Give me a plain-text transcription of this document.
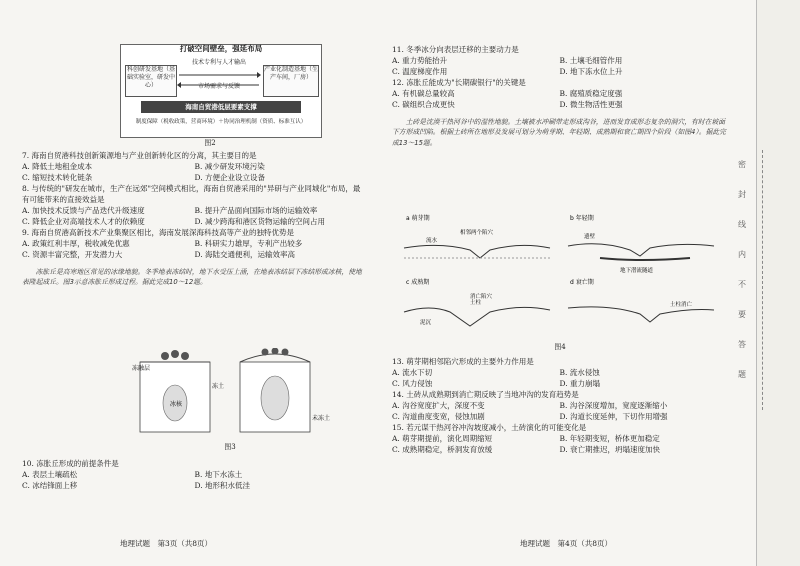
打破空间壁垒，强延布局
科创研发基地（基础实验室，研发中心）
技术专利与人才输出
市场需求与反馈
产业化制造基地（生产车间，厂房）
海南自贸港低层要素支撑
制度保障（税收政策，营商环境）＋协同治理机制（资质、标准互认）
图2

7. 海南自贸港科技创新策源地与产业创新转化区的分离，其主要目的是

A. 降低土地租金成本	B. 减少研发环境污染
C. 缩短技术转化链条	D. 方便企业设立设备

8. 与传统的"研发在城市，生产在远郊"空间模式相比，海南自贸港采用的"异研与产业同城化"布局，最有可能带来的直接效益是

A. 加快技术反馈与产品迭代升级速度	B. 提升产品面向国际市场的运输效率
C. 降低企业对高端技术人才的依赖度	D. 减少跨海和港区货物运输的空间占用

9. 海南自贸港高新技术产业集聚区相比，海南发展深海科技高等产业的独特优势是

A. 政策红利丰厚，税收减免优惠	B. 科研实力雄厚，专利产出较多
C. 资源丰富完整，开发潜力大	D. 海陆交通便利，运输效率高

冻胀丘是高寒地区常见的冰缘地貌。冬季地表冻结时，地下水受压上涌，在地表冻结层下冻结形成冰核，使地表隆起成丘。图3示意冻胀丘形成过程。据此完成10～12题。

冻融层
冻土
冰核
未冻土
图3

10. 冻胀丘形成的前提条件是

A. 表层土壤疏松	B. 地下水冻土
C. 冰结锋面上移	D. 地形积水低洼
地理试题　第3页（共8页）

11. 冬季冰分向表层迁移的主要动力是

A. 重力势能抬升	B. 土壤毛细管作用
C. 温度梯度作用	D. 地下冻水位上升

12. 冻胀丘能成为"长期碳银行"的关键是

A. 有机碳总量较高	B. 腐殖质稳定度强
C. 碳组织合成更快	D. 微生物活性更强

土砖是沈漠干热河谷中的湿性地貌。土壤被水冲刷带走形成沟谷，进而发育成形态复杂的洞穴，有时在坡面下方形成凹陷。根据土砖所在地形及发展可划分为萌芽期、年轻期、成熟期和衰亡期四个阶段（如图4）。据此完成13～15题。

a 萌芽期	b 年轻期
c 成熟期	d 衰亡期
流水
相邻两个陷穴
遗壁
地下潜流隧道
土柱
泥沉
消亡陷穴
土柱消亡
图4

13. 萌芽期相邻陷穴形成的主要外力作用是

A. 流水下切	B. 流水侵蚀
C. 风力侵蚀	D. 重力崩塌

14. 土砖从成熟期到消亡期反映了当地冲沟的发育趋势是

A. 沟谷宽度扩大，深度不变	B. 沟谷深度增加，宽度逐渐缩小
C. 沟道曲度变宽，侵蚀加剧	D. 沟道长度延伸，下切作用增强

15. 若元谋干热河谷冲沟坡度减小，土砖演化的可能变化是

A. 萌芽期提前，演化周期缩短	B. 年轻期变短，桥体更加稳定
C. 成熟期稳定，桥洞发育放缓	D. 衰亡期推迟，坍塌速度加快
地理试题　第4页（共8页）
密
封
线
内
不
要
答
题
